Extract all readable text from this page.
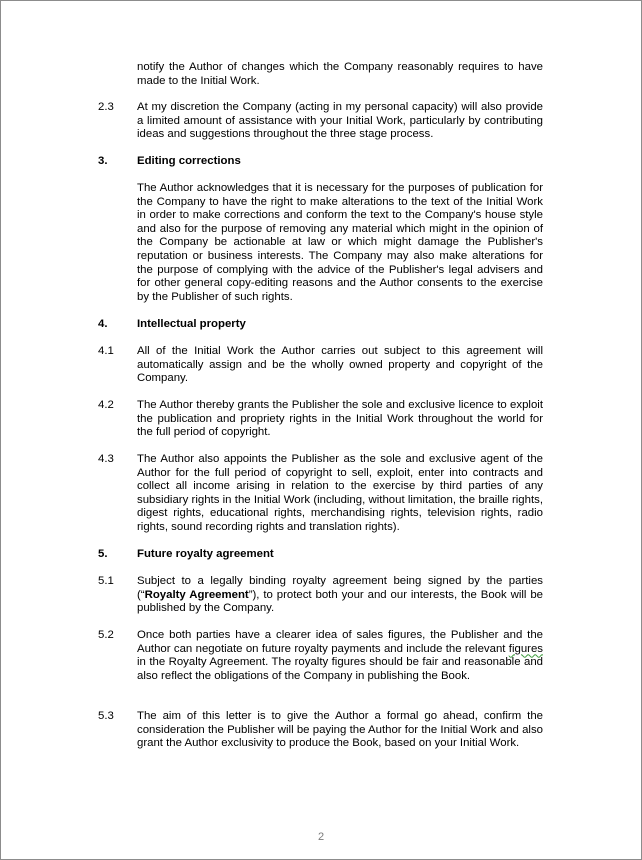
notify the Author of changes which the Company reasonably requires to have made to the Initial Work.
2.3	At my discretion the Company (acting in my personal capacity) will also provide a limited amount of assistance with your Initial Work, particularly by contributing ideas and suggestions throughout the three stage process.
3.	Editing corrections
The Author acknowledges that it is necessary for the purposes of publication for the Company to have the right to make alterations to the text of the Initial Work in order to make corrections and conform the text to the Company's house style and also for the purpose of removing any material which might in the opinion of the Company be actionable at law or which might damage the Publisher's reputation or business interests. The Company may also make alterations for the purpose of complying with the advice of the Publisher's legal advisers and for other general copy-editing reasons and the Author consents to the exercise by the Publisher of such rights.
4.	Intellectual property
4.1	All of the Initial Work the Author carries out subject to this agreement will automatically assign and be the wholly owned property and copyright of the Company.
4.2	The Author thereby grants the Publisher the sole and exclusive licence to exploit the publication and propriety rights in the Initial Work throughout the world for the full period of copyright.
4.3	The Author also appoints the Publisher as the sole and exclusive agent of the Author for the full period of copyright to sell, exploit, enter into contracts and collect all income arising in relation to the exercise by third parties of any subsidiary rights in the Initial Work (including, without limitation, the braille rights, digest rights, educational rights, merchandising rights, television rights, radio rights, sound recording rights and translation rights).
5.	Future royalty agreement
5.1	Subject to a legally binding royalty agreement being signed by the parties (“Royalty Agreement”), to protect both your and our interests, the Book will be published by the Company.
5.2	Once both parties have a clearer idea of sales figures, the Publisher and the Author can negotiate on future royalty payments and include the relevant figures in the Royalty Agreement. The royalty figures should be fair and reasonable and also reflect the obligations of the Company in publishing the Book.
5.3	The aim of this letter is to give the Author a formal go ahead, confirm the consideration the Publisher will be paying the Author for the Initial Work and also grant the Author exclusivity to produce the Book, based on your Initial Work.
2
